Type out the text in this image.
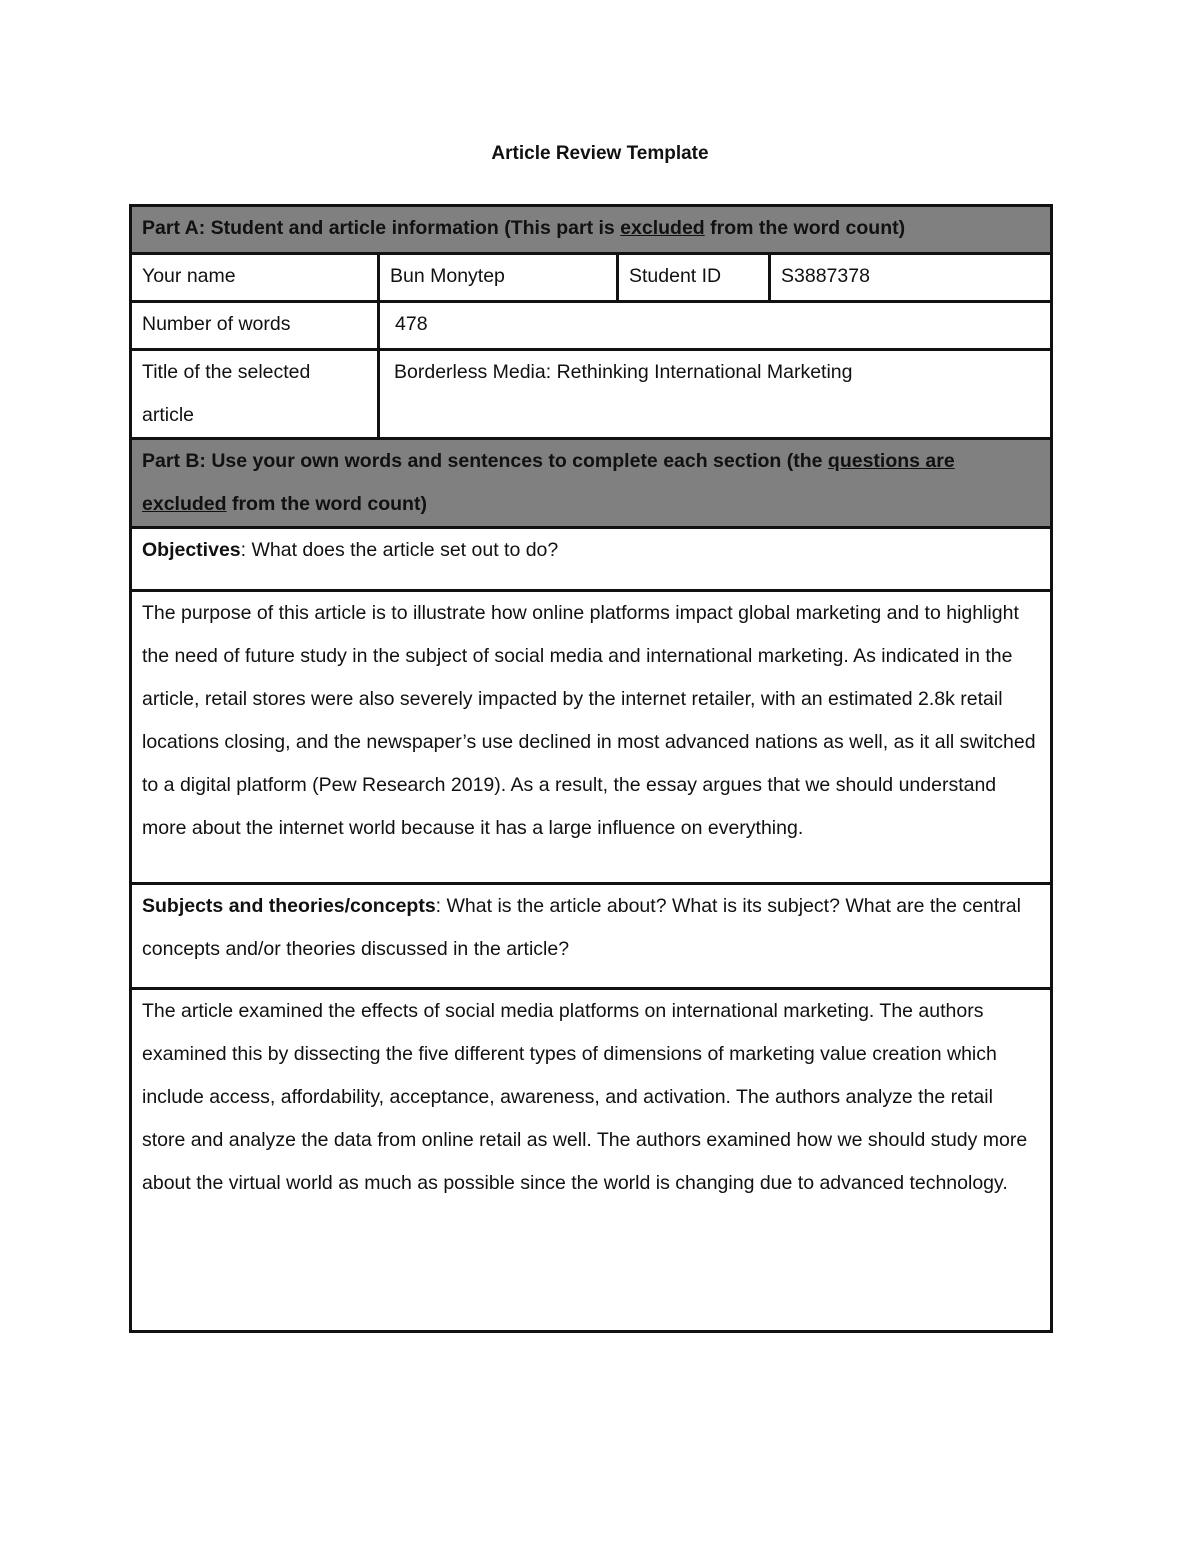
Article Review Template
Part A: Student and article information (This part is excluded from the word count)			
Your name	Bun Monytep	Student ID	S3887378
Number of words	478		
Title of the selected article	Borderless Media: Rethinking International Marketing		
Part B: Use your own words and sentences to complete each section (the questions are excluded from the word count)			
Objectives: What does the article set out to do?			
The purpose of this article is to illustrate how online platforms impact global marketing and to highlight the need of future study in the subject of social media and international marketing. As indicated in the article, retail stores were also severely impacted by the internet retailer, with an estimated 2.8k retail locations closing, and the newspaper’s use declined in most advanced nations as well, as it all switched to a digital platform (Pew Research 2019). As a result, the essay argues that we should understand more about the internet world because it has a large influence on everything.			
Subjects and theories/concepts: What is the article about? What is its subject? What are the central concepts and/or theories discussed in the article?			
The article examined the effects of social media platforms on international marketing. The authors examined this by dissecting the five different types of dimensions of marketing value creation which include access, affordability, acceptance, awareness, and activation. The authors analyze the retail store and analyze the data from online retail as well. The authors examined how we should study more about the virtual world as much as possible since the world is changing due to advanced technology.			
